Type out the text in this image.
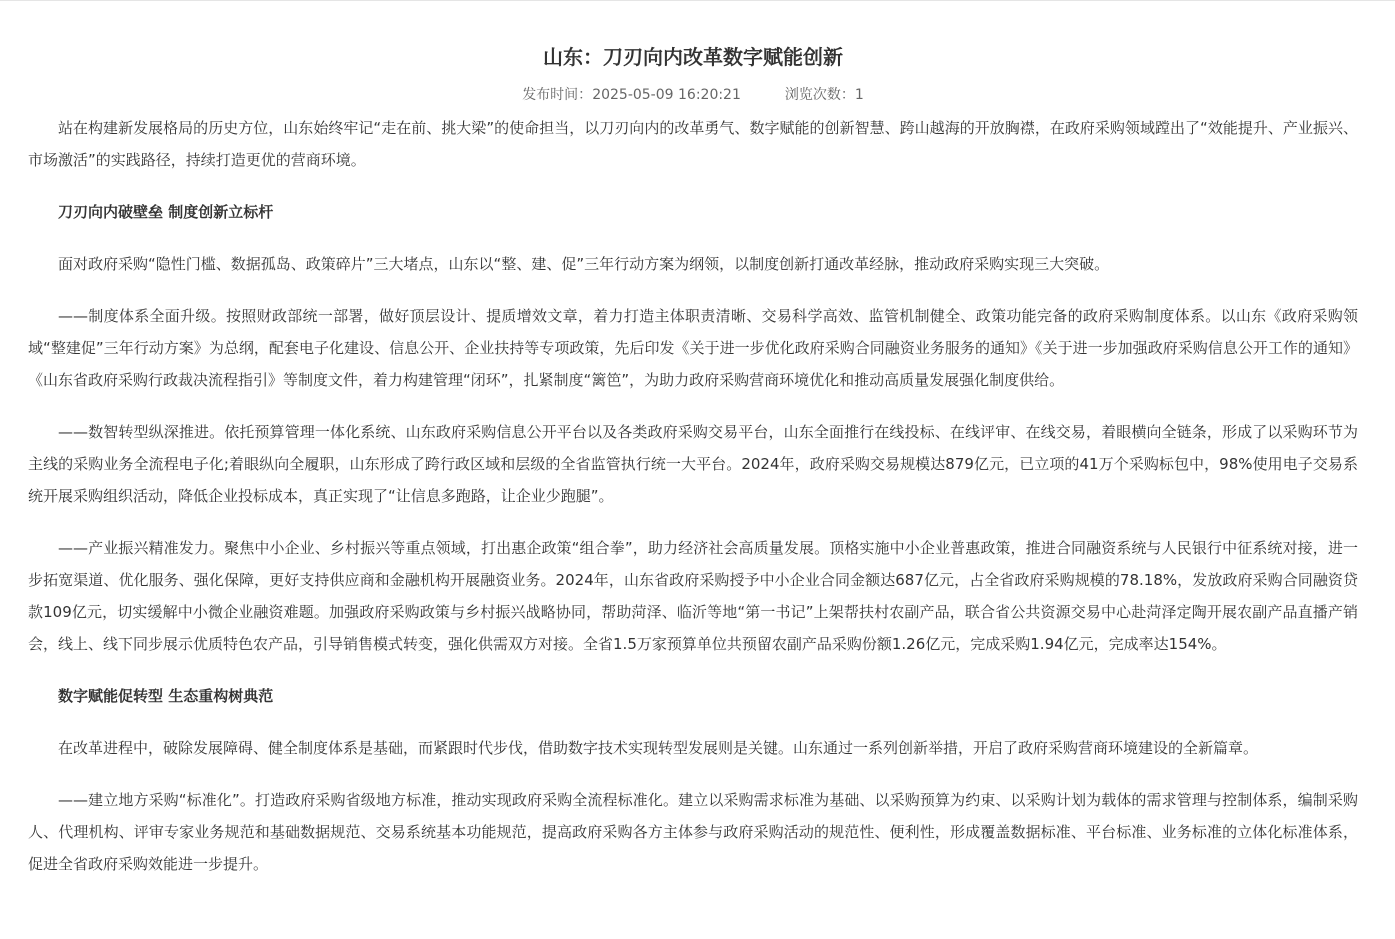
山东：刀刃向内改革数字赋能创新
发布时间：2025-05-09 16:20:21	浏览次数：1

站在构建新发展格局的历史方位，山东始终牢记“走在前、挑大梁”的使命担当，以刀刃向内的改革勇气、数字赋能的创新智慧、跨山越海的开放胸襟，在政府采购领域蹚出了“效能提升、产业振兴、市场激活”的实践路径，持续打造更优的营商环境。

刀刃向内破壁垒 制度创新立标杆

面对政府采购“隐性门槛、数据孤岛、政策碎片”三大堵点，山东以“整、建、促”三年行动方案为纲领，以制度创新打通改革经脉，推动政府采购实现三大突破。

——制度体系全面升级。按照财政部统一部署，做好顶层设计、提质增效文章，着力打造主体职责清晰、交易科学高效、监管机制健全、政策功能完备的政府采购制度体系。以山东《政府采购领域“整建促”三年行动方案》为总纲，配套电子化建设、信息公开、企业扶持等专项政策，先后印发《关于进一步优化政府采购合同融资业务服务的通知》《关于进一步加强政府采购信息公开工作的通知》《山东省政府采购行政裁决流程指引》等制度文件，着力构建管理“闭环”，扎紧制度“篱笆”，为助力政府采购营商环境优化和推动高质量发展强化制度供给。

——数智转型纵深推进。依托预算管理一体化系统、山东政府采购信息公开平台以及各类政府采购交易平台，山东全面推行在线投标、在线评审、在线交易，着眼横向全链条，形成了以采购环节为主线的采购业务全流程电子化;着眼纵向全履职，山东形成了跨行政区域和层级的全省监管执行统一大平台。2024年，政府采购交易规模达879亿元，已立项的41万个采购标包中，98%使用电子交易系统开展采购组织活动，降低企业投标成本，真正实现了“让信息多跑路，让企业少跑腿”。

——产业振兴精准发力。聚焦中小企业、乡村振兴等重点领域，打出惠企政策“组合拳”，助力经济社会高质量发展。顶格实施中小企业普惠政策，推进合同融资系统与人民银行中征系统对接，进一步拓宽渠道、优化服务、强化保障，更好支持供应商和金融机构开展融资业务。2024年，山东省政府采购授予中小企业合同金额达687亿元，占全省政府采购规模的78.18%，发放政府采购合同融资贷款109亿元，切实缓解中小微企业融资难题。加强政府采购政策与乡村振兴战略协同，帮助菏泽、临沂等地“第一书记”上架帮扶村农副产品，联合省公共资源交易中心赴菏泽定陶开展农副产品直播产销会，线上、线下同步展示优质特色农产品，引导销售模式转变，强化供需双方对接。全省1.5万家预算单位共预留农副产品采购份额1.26亿元，完成采购1.94亿元，完成率达154%。

数字赋能促转型 生态重构树典范

在改革进程中，破除发展障碍、健全制度体系是基础，而紧跟时代步伐，借助数字技术实现转型发展则是关键。山东通过一系列创新举措，开启了政府采购营商环境建设的全新篇章。

——建立地方采购“标准化”。打造政府采购省级地方标准，推动实现政府采购全流程标准化。建立以采购需求标准为基础、以采购预算为约束、以采购计划为载体的需求管理与控制体系，编制采购人、代理机构、评审专家业务规范和基础数据规范、交易系统基本功能规范，提高政府采购各方主体参与政府采购活动的规范性、便利性，形成覆盖数据标准、平台标准、业务标准的立体化标准体系，促进全省政府采购效能进一步提升。
